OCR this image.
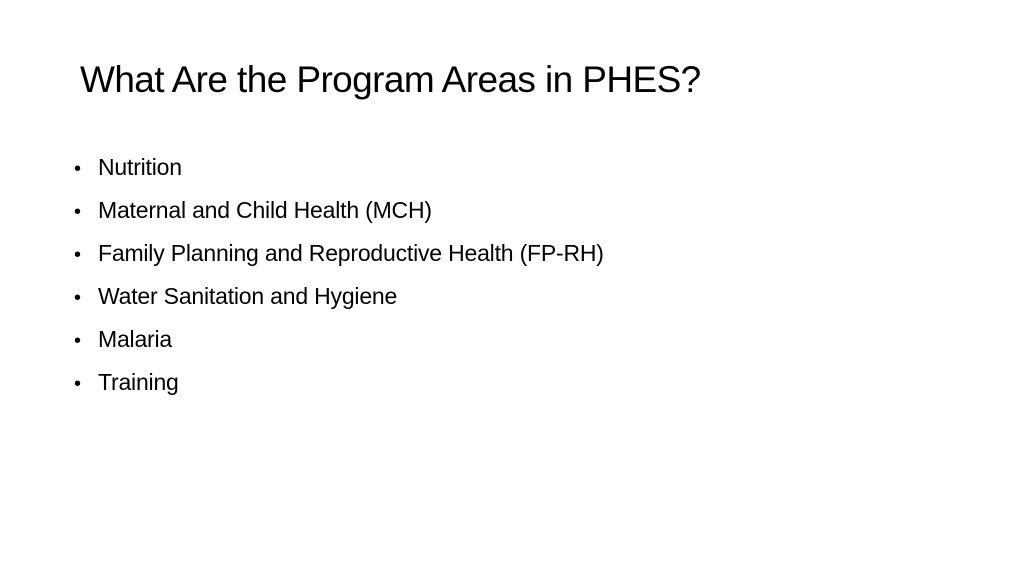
What Are the Program Areas in PHES?
• Nutrition
• Maternal and Child Health (MCH)
• Family Planning and Reproductive Health (FP-RH)
• Water Sanitation and Hygiene
• Malaria
• Training
